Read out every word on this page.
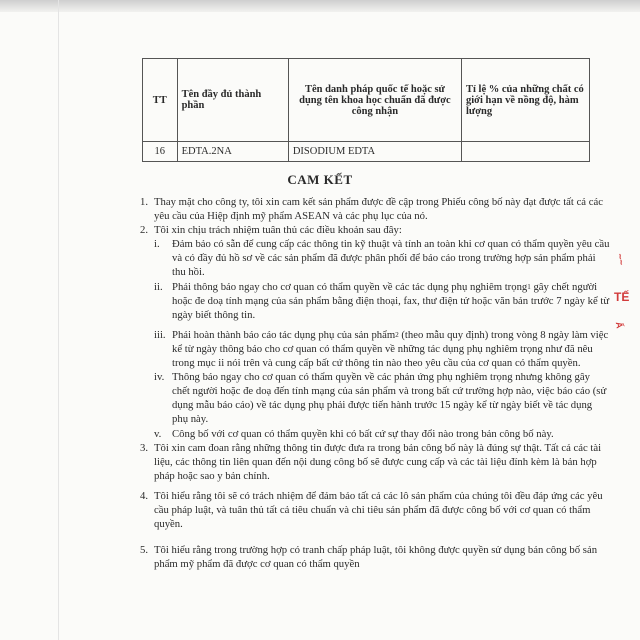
~~
TẾ
Ấ
TT	Tên đầy đủ thành phần	Tên danh pháp quốc tế hoặc sử dụng tên khoa học chuẩn đã được công nhận	Tỉ lệ % của những chất có giới hạn về nồng độ, hàm lượng
16	EDTA.2NA	DISODIUM EDTA	
CAM KẾT
1. Thay mặt cho công ty, tôi xin cam kết sản phẩm được đề cập trong Phiếu công bố này đạt được tất cả các yêu cầu của Hiệp định mỹ phẩm ASEAN và các phụ lục của nó.
2. Tôi xin chịu trách nhiệm tuân thủ các điều khoản sau đây:
i. Đảm bảo có sẵn để cung cấp các thông tin kỹ thuật và tính an toàn khi cơ quan có thẩm quyền yêu cầu và có đầy đủ hồ sơ về các sản phẩm đã được phân phối để báo cáo trong trường hợp sản phẩm phải thu hồi.
ii. Phải thông báo ngay cho cơ quan có thẩm quyền về các tác dụng phụ nghiêm trọng$^1$ gây chết người hoặc đe doạ tính mạng của sản phẩm bằng điện thoại, fax, thư điện tử hoặc văn bản trước 7 ngày kể từ ngày biết thông tin.
iii. Phải hoàn thành báo cáo tác dụng phụ của sản phẩm$^2$ (theo mẫu quy định) trong vòng 8 ngày làm việc kể từ ngày thông báo cho cơ quan có thẩm quyền về những tác dụng phụ nghiêm trọng như đã nêu trong mục ii nói trên và cung cấp bất cứ thông tin nào theo yêu cầu của cơ quan có thẩm quyền.
iv. Thông báo ngay cho cơ quan có thẩm quyền về các phản ứng phụ nghiêm trọng nhưng không gây chết người hoặc đe doạ đến tính mạng của sản phẩm và trong bất cứ trường hợp nào, việc báo cáo (sử dụng mẫu báo cáo) về tác dụng phụ phải được tiến hành trước 15 ngày kể từ ngày biết về tác dụng phụ này.
v. Công bố với cơ quan có thẩm quyền khi có bất cứ sự thay đổi nào trong bản công bố này.
3. Tôi xin cam đoan rằng những thông tin được đưa ra trong bản công bố này là đúng sự thật. Tất cả các tài liệu, các thông tin liên quan đến nội dung công bố sẽ được cung cấp và các tài liệu đính kèm là bản hợp pháp hoặc sao y bản chính.
4. Tôi hiểu rằng tôi sẽ có trách nhiệm để đảm bảo tất cả các lô sản phẩm của chúng tôi đều đáp ứng các yêu cầu pháp luật, và tuân thủ tất cả tiêu chuẩn và chi tiêu sản phẩm đã được công bố với cơ quan có thẩm quyền.
5. Tôi hiểu rằng trong trường hợp có tranh chấp pháp luật, tôi không được quyền sử dụng bản công bố sản phẩm mỹ phẩm đã được cơ quan có thẩm quyền
